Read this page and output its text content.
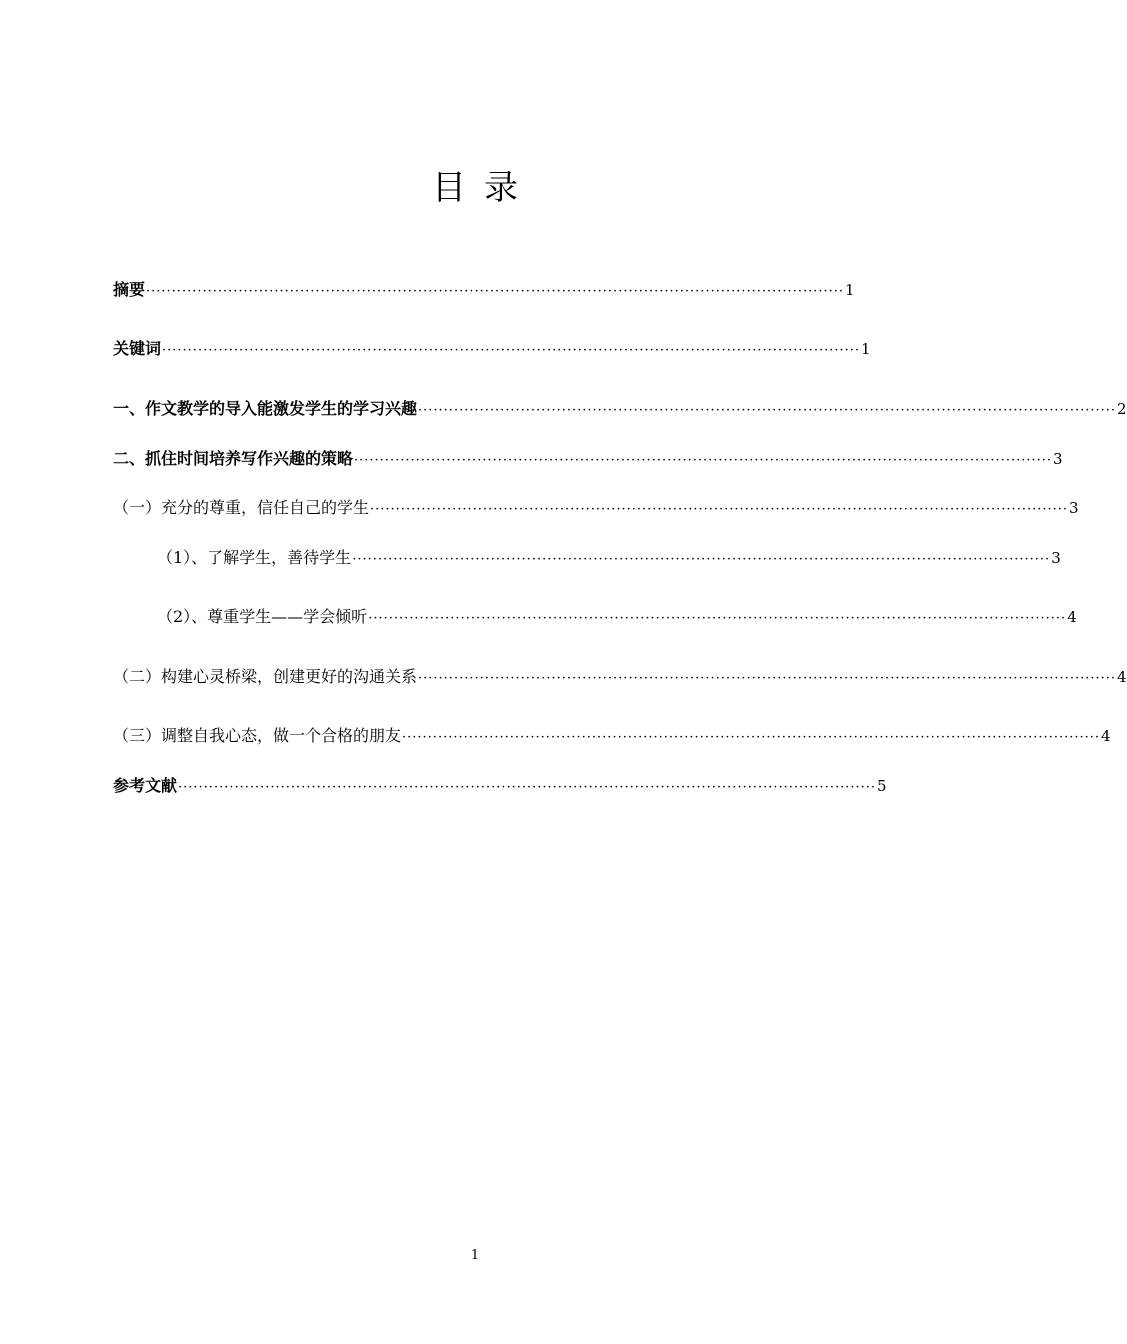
目录
摘要 ········································································································································ 1
关键词 ········································································································································ 1
一、作文教学的导入能激发学生的学习兴趣 ········································································································································ 2
二、抓住时间培养写作兴趣的策略 ········································································································································ 3
（一）充分的尊重，信任自己的学生 ········································································································································ 3
（1）、了解学生，善待学生 ········································································································································ 3
（2）、尊重学生——学会倾听 ········································································································································ 4
（二）构建心灵桥梁，创建更好的沟通关系 ········································································································································ 4
（三）调整自我心态，做一个合格的朋友 ········································································································································ 4
参考文献 ········································································································································ 5
1
